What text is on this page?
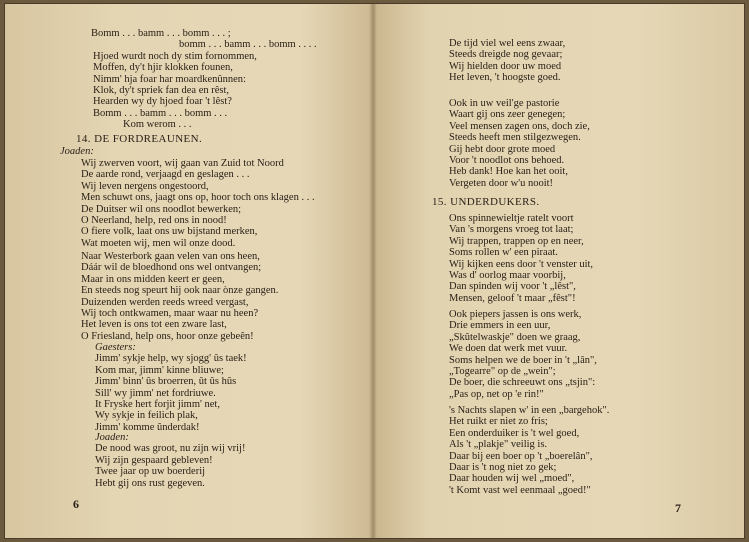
Bomm . . . bamm . . . bomm . . . ;
bomm . . . bamm . . . bomm . . . .
Hjoed wurdt noch dy stim fornommen,
Moffen, dy't hjir klokken founen,
Nimm' hja foar har moardkenûnnen:
Klok, dy't spriek fan dea en rêst,
Hearden wy dy hjoed foar 't lêst?
Bomm . . . bamm . . . bomm . . .
Kom werom . . .
14. DE FORDREAUNEN.
Joaden:
Wij zwerven voort, wij gaan van Zuid tot Noord
De aarde rond, verjaagd en geslagen . . .
Wij leven nergens ongestoord,
Men schuwt ons, jaagt ons op, hoor toch ons klagen . . .
De Duitser wil ons noodlot bewerken;
O Neerland, help, red ons in nood!
O fiere volk, laat ons uw bijstand merken,
Wat moeten wij, men wil onze dood.
Naar Westerbork gaan velen van ons heen,
Dáár wil de bloedhond ons wel ontvangen;
Maar in ons midden keert er geen,
En steeds nog speurt hij ook naar ònze gangen.
Duizenden werden reeds wreed vergast,
Wij toch ontkwamen, maar waar nu heen?
Het leven is ons tot een zware last,
O Friesland, help ons, hoor onze gebeên!
Gaesters:
Jimm' sykje help, wy sjogg' ûs taek!
Kom mar, jimm' kinne bliuwe;
Jimm' binn' ûs broerren, ût ûs hûs
Sill' wy jimm' net fordriuwe.
It Fryske hert forjit jimm' net,
Wy sykje in feilich plak,
Jimm' komme ûnderdak!
Joaden:
De nood was groot, nu zijn wij vrij!
Wij zijn gespaard gebleven!
Twee jaar op uw boerderij
Hebt gij ons rust gegeven.
6
De tijd viel wel eens zwaar,
Steeds dreigde nog gevaar;
Wij hielden door uw moed
Het leven, 't hoogste goed.
Ook in uw veil'ge pastorie
Waart gij ons zeer genegen;
Veel mensen zagen ons, doch zie,
Steeds heeft men stilgezwegen.
Gij hebt door grote moed
Voor 't noodlot ons behoed.
Heb dank! Hoe kan het ooit,
Vergeten door w'u nooit!
15. UNDERDUKERS.
Ons spinnewieltje ratelt voort
Van 's morgens vroeg tot laat;
Wij trappen, trappen op en neer,
Soms rollen w' een piraat.
Wij kijken eens door 't venster uit,
Was d' oorlog maar voorbij,
Dan spinden wij voor 't „lêst",
Mensen, geloof 't maar „fêst"!
Ook piepers jassen is ons werk,
Drie emmers in een uur,
„Skûtelwaskje" doen we graag,
We doen dat werk met vuur.
Soms helpen we de boer in 't „lân",
„Togearre" op de „wein";
De boer, die schreeuwt ons „tsjin":
„Pas op, net op 'e rin!"
's Nachts slapen w' in een „bargehok".
Het ruikt er niet zo fris;
Een onderduiker is 't wel goed,
Als 't „plakje" veilig is.
Daar bij een boer op 't „boerelân",
Daar is 't nog niet zo gek;
Daar houden wij wel „moed",
't Komt vast wel eenmaal „goed!"
7
